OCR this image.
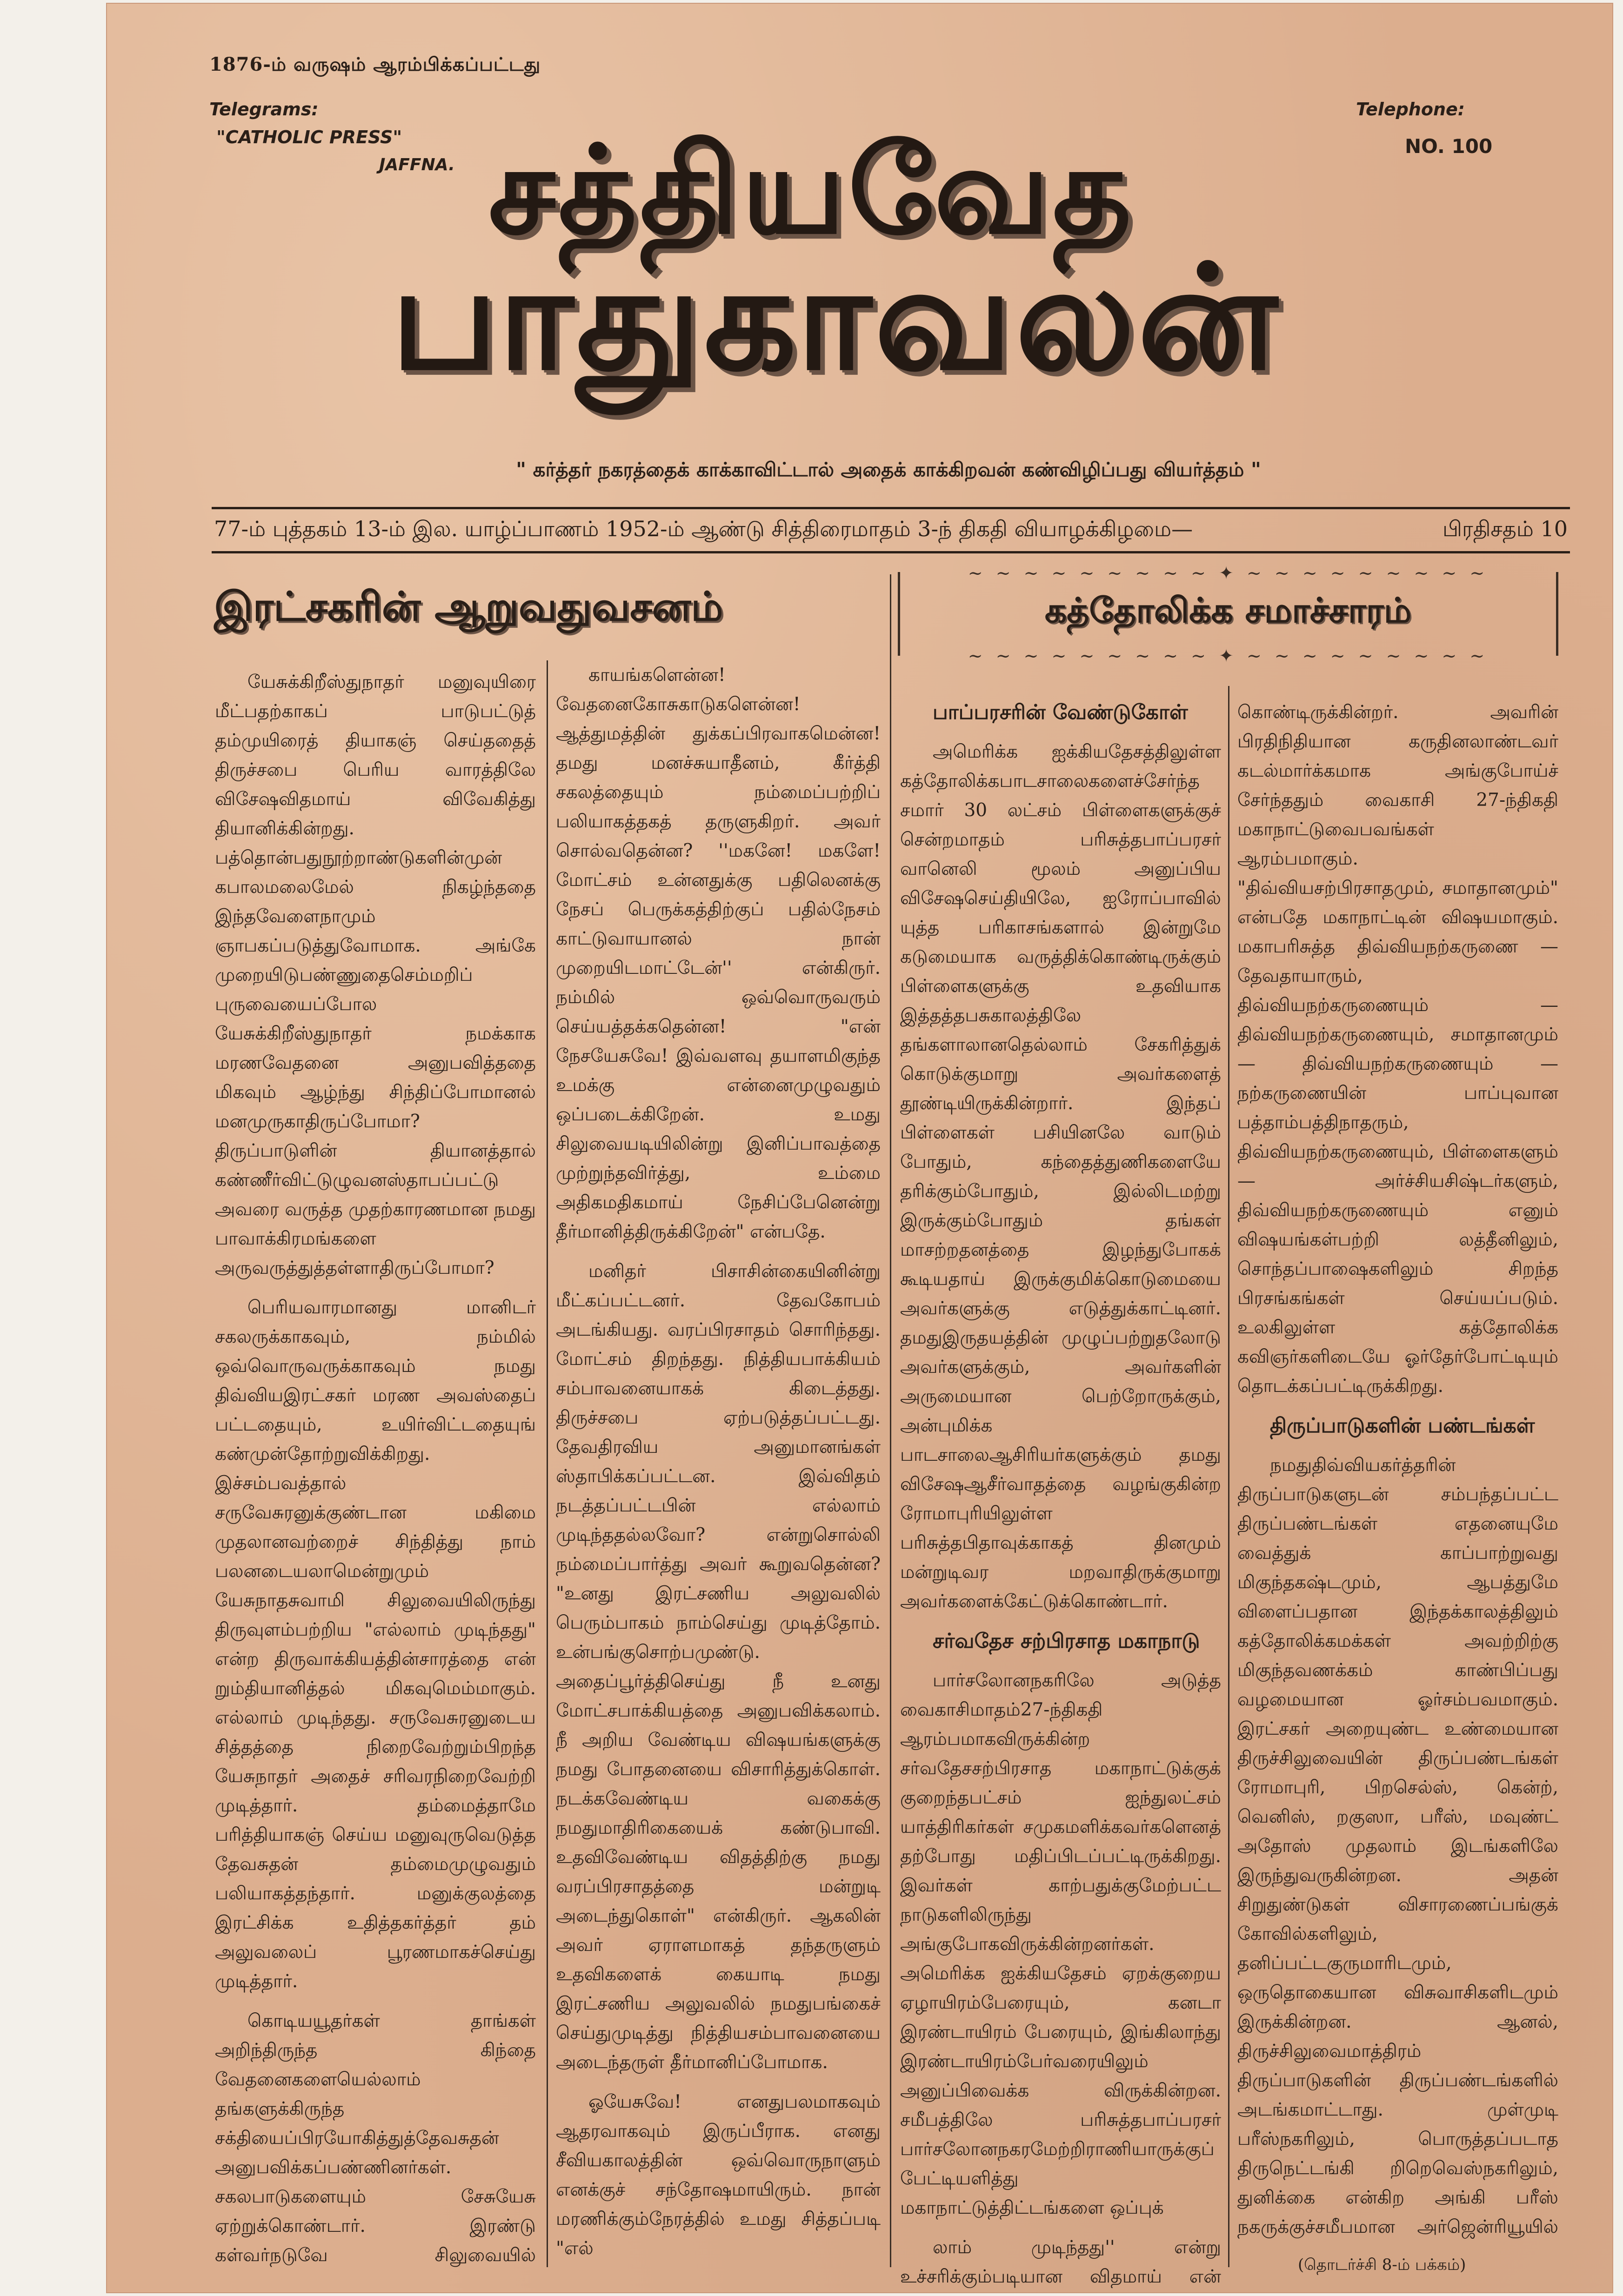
1876-ம் வருஷம் ஆரம்பிக்கப்பட்டது
Telegrams:
"CATHOLIC PRESS"
JAFFNA.
Telephone:
NO. 100
சத்தியவேத
பாதுகாவலன்
" கர்த்தர் நகரத்தைக் காக்காவிட்டால் அதைக் காக்கிறவன் கண்விழிப்பது வியர்த்தம் "
77-ம் புத்தகம் 13-ம் இல. யாழ்ப்பாணம் 1952-ம் ஆண்டு சித்திரைமாதம் 3-ந் திகதி வியாழக்கிழமை—	பிரதிசதம் 10
இரட்சகரின் ஆறுவதுவசனம்
~ ~ ~ ~ ~ ~ ~ ~ ~ ✦ ~ ~ ~ ~ ~ ~ ~ ~ ~
கத்தோலிக்க சமாச்சாரம்
~ ~ ~ ~ ~ ~ ~ ~ ~ ✦ ~ ~ ~ ~ ~ ~ ~ ~ ~

யேசுக்கிறீஸ்துநாதர் மனுவுயிரை மீட்பதற்காகப் பாடுபட்டுத் தம்முயிரைத் தியாகஞ் செய்ததைத் திருச்சபை பெரிய வாரத்திலே விசேஷவிதமாய் விவேகித்து தியானிக்கின்றது. பத்தொன்பதுநூற்றாண்டுகளின்முன் கபாலமலைமேல் நிகழ்ந்ததை இந்தவேளைநாமும் ஞாபகப்படுத்துவோமாக. அங்கே முறையிடுபண்ணுதைசெம்மறிப் புருவையைப்போல யேசுக்கிறீஸ்துநாதர் நமக்காக மரணவேதனை அனுபவித்ததை மிகவும் ஆழ்ந்து சிந்திப்போமானல் மனமுருகாதிருப்போமா? திருப்பாடுளின் தியானத்தால் கண்ணீர்விட்டுழுவனஸ்தாபப்பட்டு அவரை வருத்த முதற்காரணமான நமது பாவாக்கிரமங்களை அருவருத்துத்தள்ளாதிருப்போமா?

பெரியவாரமானது மானிடர் சகலருக்காகவும், நம்மில் ஒவ்வொருவருக்காகவும் நமது திவ்வியஇரட்சகர் மரண அவஸ்தைப் பட்டதையும், உயிர்விட்டதையுங் கண்முன்தோற்றுவிக்கிறது. இச்சம்பவத்தால் சருவேசுரனுக்குண்டான மகிமை முதலானவற்றைச் சிந்தித்து நாம் பலனடையலாமென்றுமும் யேசுநாதசுவாமி சிலுவையிலிருந்து திருவுளம்பற்றிய "எல்லாம் முடிந்தது" என்ற திருவாக்கியத்தின்சாரத்தை என் றும்தியானித்தல் மிகவுமெம்மாகும். எல்லாம் முடிந்தது. சருவேசுரனுடைய சித்தத்தை நிறைவேற்றும்பிறந்த யேசுநாதர் அதைச் சரிவரநிறைவேற்றி முடித்தார். தம்மைத்தாமே பரித்தியாகஞ் செய்ய மனுவுருவெடுத்த தேவசுதன் தம்மைமுழுவதும் பலியாகத்தந்தார். மனுக்குலத்தை இரட்சிக்க உதித்தகர்த்தர் தம் அலுவலைப் பூரணமாகச்செய்து முடித்தார்.

கொடியயூதர்கள் தாங்கள் அறிந்திருந்த கிந்தை வேதனைகளையெல்லாம் தங்களுக்கிருந்த சக்தியைப்பிரயோகித்துத்தேவசுதன் அனுபவிக்கப்பண்ணினர்கள். சகலபாடுகளையும் சேசுயேசு ஏற்றுக்கொண்டார். இரண்டு கள்வர்நடுவே சிலுவையில்

காயங்களென்ன! வேதனைகோசுகாடுகளென்ன! ஆத்துமத்தின் துக்கப்பிரவாகமென்ன! தமது மனச்சுயாதீனம், கீர்த்தி சகலத்தையும் நம்மைப்பற்றிப் பலியாகத்தகத் தருளுகிறர். அவர் சொல்வதென்ன? ''மகனே! மகளே! மோட்சம் உன்னதுக்கு பதிலெனக்கு நேசப் பெருக்கத்திற்குப் பதில்நேசம் காட்டுவாயானல் நான் முறையிடமாட்டேன்'' என்கிருர். நம்மில் ஒவ்வொருவரும் செய்யத்தக்கதென்ன! "என் நேசயேசுவே! இவ்வளவு தயாளமிகுந்த உமக்கு என்னைமுழுவதும் ஒப்படைக்கிறேன். உமது சிலுவையடியிலின்று இனிப்பாவத்தை முற்றுந்தவிர்த்து, உம்மை அதிகமதிகமாய் நேசிப்பேனென்று தீர்மானித்திருக்கிறேன்" என்பதே.

மனிதர் பிசாசின்கையினின்று மீட்கப்பட்டனர். தேவகோபம் அடங்கியது. வரப்பிரசாதம் சொரிந்தது. மோட்சம் திறந்தது. நித்தியபாக்கியம் சம்பாவனையாகக் கிடைத்தது. திருச்சபை ஏற்படுத்தப்பட்டது. தேவதிரவிய அனுமானங்கள் ஸ்தாபிக்கப்பட்டன. இவ்விதம் நடத்தப்பட்டபின் எல்லாம் முடிந்ததல்லவோ? என்றுசொல்லி நம்மைப்பார்த்து அவர் கூறுவதென்ன? "உனது இரட்சணிய அலுவலில் பெரும்பாகம் நாம்செய்து முடித்தோம். உன்பங்குசொற்பமுண்டு. அதைப்பூர்த்திசெய்து நீ உனது மோட்சபாக்கியத்தை அனுபவிக்கலாம். நீ அறிய வேண்டிய விஷயங்களுக்கு நமது போதனையை விசாரித்துக்கொள். நடக்கவேண்டிய வகைக்கு நமதுமாதிரிகையைக் கண்டுபாவி. உதவிவேண்டிய விதத்திற்கு நமது வரப்பிரசாதத்தை மன்றுடி அடைந்துகொள்" என்கிருர். ஆகலின் அவர் ஏராளமாகத் தந்தருளும் உதவிகளைக் கையாடி நமது இரட்சணிய அலுவலில் நமதுபங்கைச் செய்துமுடித்து நித்தியசம்பாவனையை அடைந்தருள் தீர்மானிப்போமாக.

ஓயேசுவே! எனதுபலமாகவும் ஆதரவாகவும் இருப்பீராக. எனது சீவியகாலத்தின் ஒவ்வொருநாளும் எனக்குச் சந்தோஷமாயிரும். நான் மரணிக்கும்நேரத்தில் உமது சித்தப்படி "எல்

பாப்பரசரின் வேண்டுகோள்

அமெரிக்க ஐக்கியதேசத்திலுள்ள கத்தோலிக்கபாடசாலைகளைச்சேர்ந்த சமார் 30 லட்சம் பிள்ளைகளுக்குச் சென்றமாதம் பரிசுத்தபாப்பரசர் வானெலி மூலம் அனுப்பிய விசேஷசெய்தியிலே, ஐரோப்பாவில் யுத்த பரிகாசங்களால் இன்றுமே கடுமையாக வருத்திக்கொண்டிருக்கும் பிள்ளைகளுக்கு உதவியாக இத்தத்தபசுகாலத்திலே தங்களாலானதெல்லாம் சேகரித்துக் கொடுக்குமாறு அவர்களைத் தூண்டியிருக்கின்றார். இந்தப் பிள்ளைகள் பசியினலே வாடும் போதும், கந்தைத்துணிகளையே தரிக்கும்போதும், இல்லிடமற்று இருக்கும்போதும் தங்கள் மாசற்றதனத்தை இழந்துபோகக் கூடியதாய் இருக்குமிக்கொடுமையை அவர்களுக்கு எடுத்துக்காட்டினர். தமதுஇருதயத்தின் முழுப்பற்றுதலோடு அவர்களுக்கும், அவர்களின் அருமையான பெற்றோருக்கும், அன்புமிக்க பாடசாலைஆசிரியர்களுக்கும் தமது விசேஷஆசீர்வாதத்தை வழங்குகின்ற ரோமாபுரியிலுள்ள பரிசுத்தபிதாவுக்காகத் தினமும் மன்றுடிவர மறவாதிருக்குமாறு அவர்களைக்கேட்டுக்கொண்டார்.

சர்வதேச சற்பிரசாத மகாநாடு

பார்சலோனநகரிலே அடுத்த வைகாசிமாதம்27-ந்திகதி ஆரம்பமாகவிருக்கின்ற சர்வதேசசற்பிரசாத மகாநாட்டுக்குக் குறைந்தபட்சம் ஐந்துலட்சம் யாத்திரிகர்கள் சமுகமளிக்கவர்களெனத் தற்போது மதிப்பிடப்பட்டிருக்கிறது. இவர்கள் காற்பதுக்குமேற்பட்ட நாடுகளிலிருந்து அங்குபோகவிருக்கின்றனர்கள். அமெரிக்க ஐக்கியதேசம் ஏறக்குறைய ஏழாயிரம்பேரையும், கனடா இரண்டாயிரம் பேரையும், இங்கிலாந்து இரண்டாயிரம்பேர்வரையிலும் அனுப்பிவைக்க விருக்கின்றன. சமீபத்திலே பரிசுத்தபாப்பரசர் பார்சலோனநகரமேற்றிராணியாருக்குப் பேட்டியளித்து மகாநாட்டுத்திட்டங்களை ஒப்புக்

லாம் முடிந்தது'' என்று உச்சரிக்கும்படியான விதமாய் என்

கொண்டிருக்கின்றர். அவரின் பிரதிநிதியான கருதினலாண்டவர் கடல்மார்க்கமாக அங்குபோய்ச் சேர்ந்ததும் வைகாசி 27-ந்திகதி மகாநாட்டுவைபவங்கள் ஆரம்பமாகும். "திவ்வியசற்பிரசாதமும், சமாதானமும்" என்பதே மகாநாட்டின் விஷயமாகும். மகாபரிசுத்த திவ்வியநற்கருணை — தேவதாயாரும், திவ்வியநற்கருணையும் — திவ்வியநற்கருணையும், சமாதானமும் — திவ்வியநற்கருணையும் — நற்கருணையின் பாப்புவான பத்தாம்பத்திநாதரும், திவ்வியநற்கருணையும், பிள்ளைகளும் — அர்ச்சியசிஷ்டர்களும், திவ்வியநற்கருணையும் எனும் விஷயங்கள்பற்றி லத்தீனிலும், சொந்தப்பாஷைகளிலும் சிறந்த பிரசங்கங்கள் செய்யப்படும். உலகிலுள்ள கத்தோலிக்க கவிஞர்களிடையே ஓர்தேர்போட்டியும் தொடக்கப்பட்டிருக்கிறது.

திருப்பாடுகளின் பண்டங்கள்

நமதுதிவ்வியகர்த்தரின் திருப்பாடுகளுடன் சம்பந்தப்பட்ட திருப்பண்டங்கள் எதனையுமே வைத்துக் காப்பாற்றுவது மிகுந்தகஷ்டமும், ஆபத்துமே விளைப்பதான இந்தக்காலத்திலும் கத்தோலிக்கமக்கள் அவற்றிற்கு மிகுந்தவணக்கம் காண்பிப்பது வழமையான ஓர்சம்பவமாகும். இரட்சகர் அறையுண்ட உண்மையான திருச்சிலுவையின் திருப்பண்டங்கள் ரோமாபுரி, பிறசெல்ஸ், கென்ற், வெனிஸ், றகுஸா, பரீஸ், மவுண்ட் அதோஸ் முதலாம் இடங்களிலே இருந்துவருகின்றன. அதன் சிறுதுண்டுகள் விசாரணைப்பங்குக் கோவில்களிலும், தனிப்பட்டகுருமாரிடமும், ஒருதொகையான விசுவாசிகளிடமும் இருக்கின்றன. ஆனல், திருச்சிலுவைமாத்திரம் திருப்பாடுகளின் திருப்பண்டங்களில் அடங்கமாட்டாது. முள்முடி பரீஸ்நகரிலும், பொருத்தப்படாத திருநெட்டங்கி றிறெவெஸ்நகரிலும், துனிக்கை என்கிற அங்கி பரீஸ் நகருக்குச்சமீபமான அர்ஜென்ரியூயில்

(தொடர்ச்சி 8-ம் பக்கம்)
